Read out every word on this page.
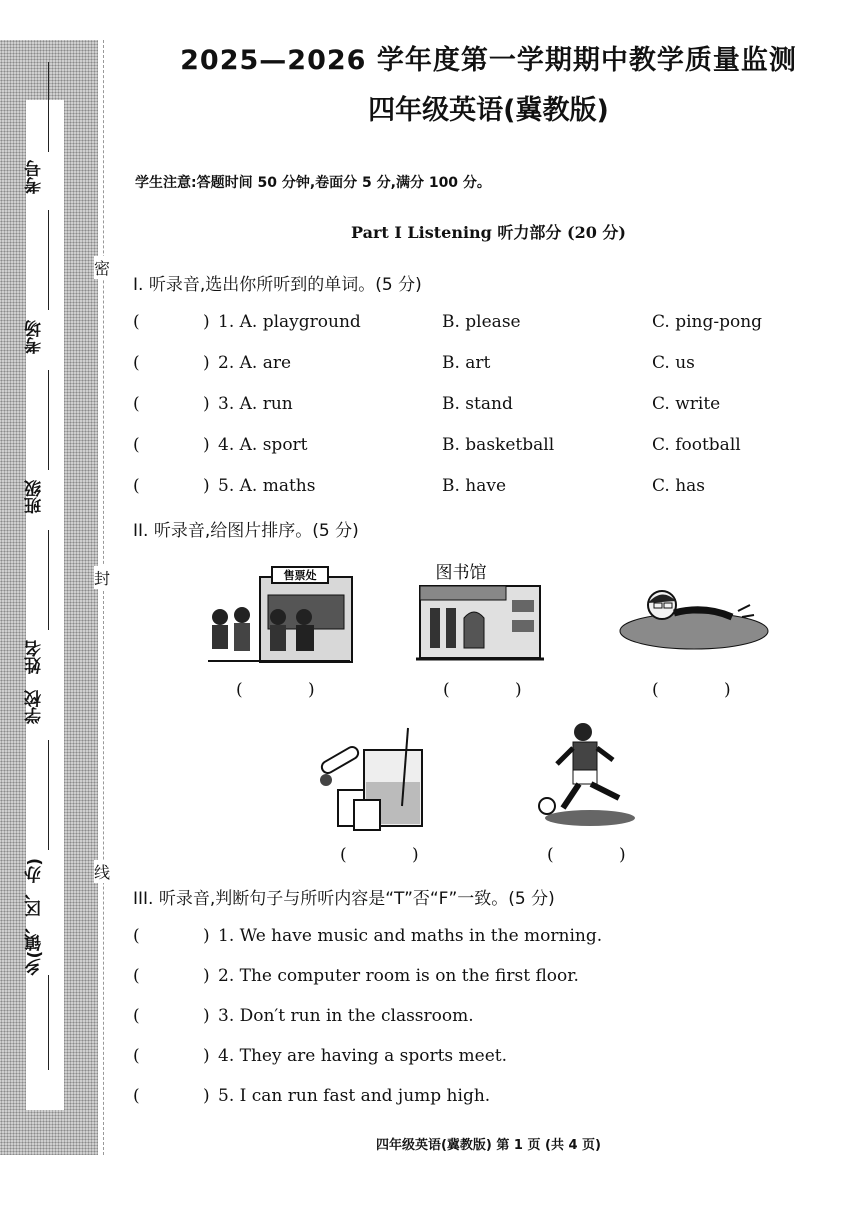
考号
考场
班级
姓名
学校
乡(镇、区、办)
密
封
线
2025—2026 学年度第一学期期中教学质量监测
四年级英语(冀教版)
学生注意:答题时间 50 分钟,卷面分 5 分,满分 100 分。
Part I Listening 听力部分 (20 分)
I. 听录音,选出你所听到的单词。(5 分)
(	) 1. A. playground	B. please	C. ping-pong
(	) 2. A. are	B. art	C. us
(	) 3. A. run	B. stand	C. write
(	) 4. A. sport	B. basketball	C. football
(	) 5. A. maths	B. have	C. has
II. 听录音,给图片排序。(5 分)
售票处
(	)
图书馆
(	)	(	)
(	)	(	)
III. 听录音,判断句子与所听内容是“T”否“F”一致。(5 分)
(	) 1. We have music and maths in the morning.
(	) 2. The computer room is on the first floor.
(	) 3. Don′t run in the classroom.
(	) 4. They are having a sports meet.
(	) 5. I can run fast and jump high.
四年级英语(冀教版) 第 1 页 (共 4 页)
